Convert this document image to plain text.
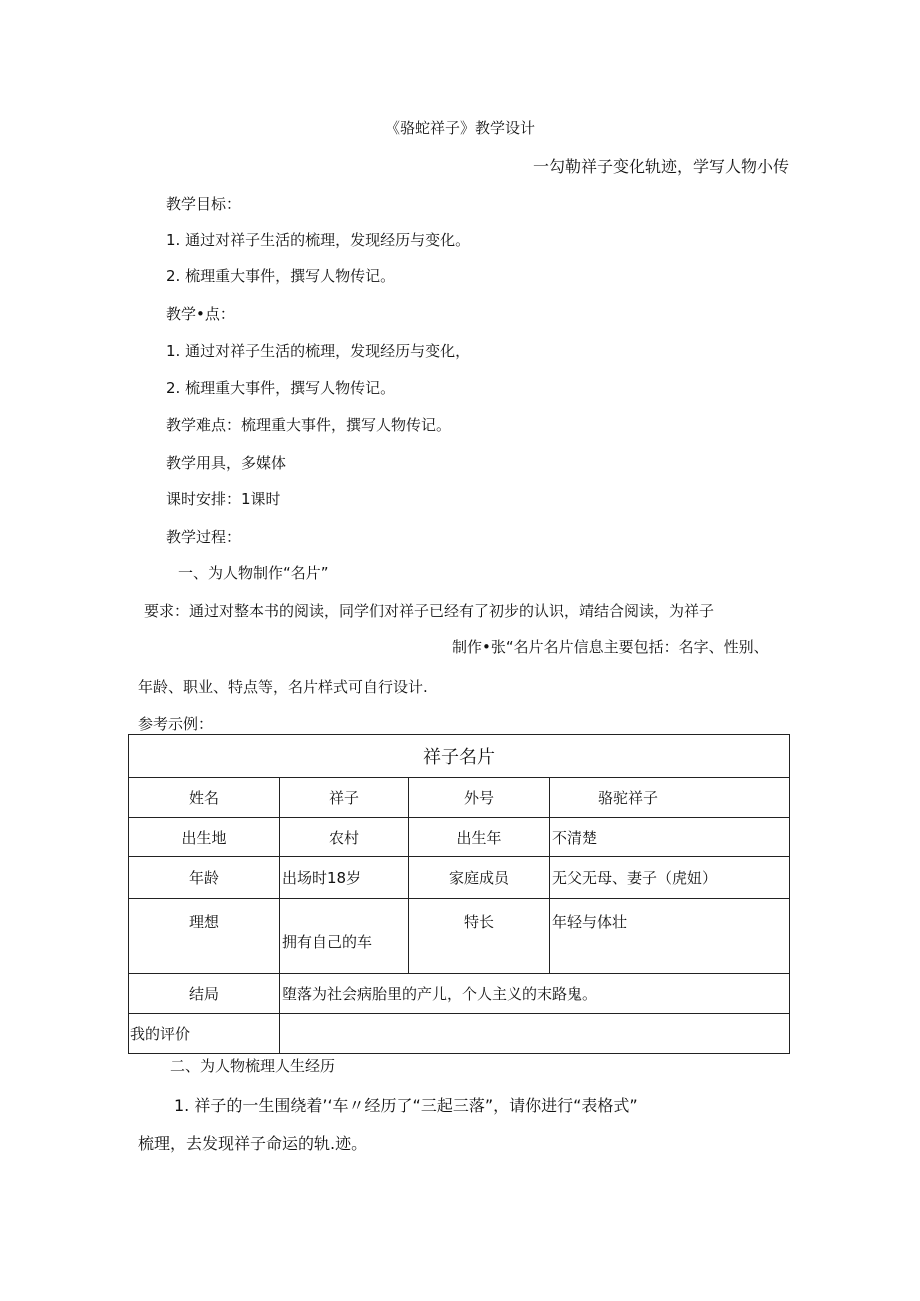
《骆蛇祥子》教学设计
一勾勒祥子变化轨迹，学写人物小传
教学目标：
1. 通过对祥子生活的梳理，发现经历与变化。
2. 梳理重大事件，撰写人物传记。
教学•点：
1. 通过对祥子生活的梳理，发现经历与变化，
2. 梳理重大事件，撰写人物传记。
教学难点：梳理重大事件，撰写人物传记。
教学用具，多媒体
课时安排：1课时
教学过程：
一、为人物制作“名片”
要求：通过对整本书的阅读，同学们对祥子已经有了初步的认识，靖结合阅读，为祥子
制作•张“名片名片信息主要包括：名字、性别、
年龄、职业、特点等，名片样式可自行设计.
参考示例：
祥子名片			
姓名	祥子	外号	骆驼祥子
出生地	农村	出生年	不清楚
年龄	出场时18岁	家庭成员	无父无母、妻子（虎妞）
理想	拥有自己的车	特长	年轻与体壮
结局	堕落为社会病胎里的产儿，个人主义的末路鬼。		
我的评价			
二、为人物梳理人生经历
1. 祥子的一生围绕着’‘车〃经历了“三起三落”，请你进行“表格式”
梳理，去发现祥子命运的轨.迹。
